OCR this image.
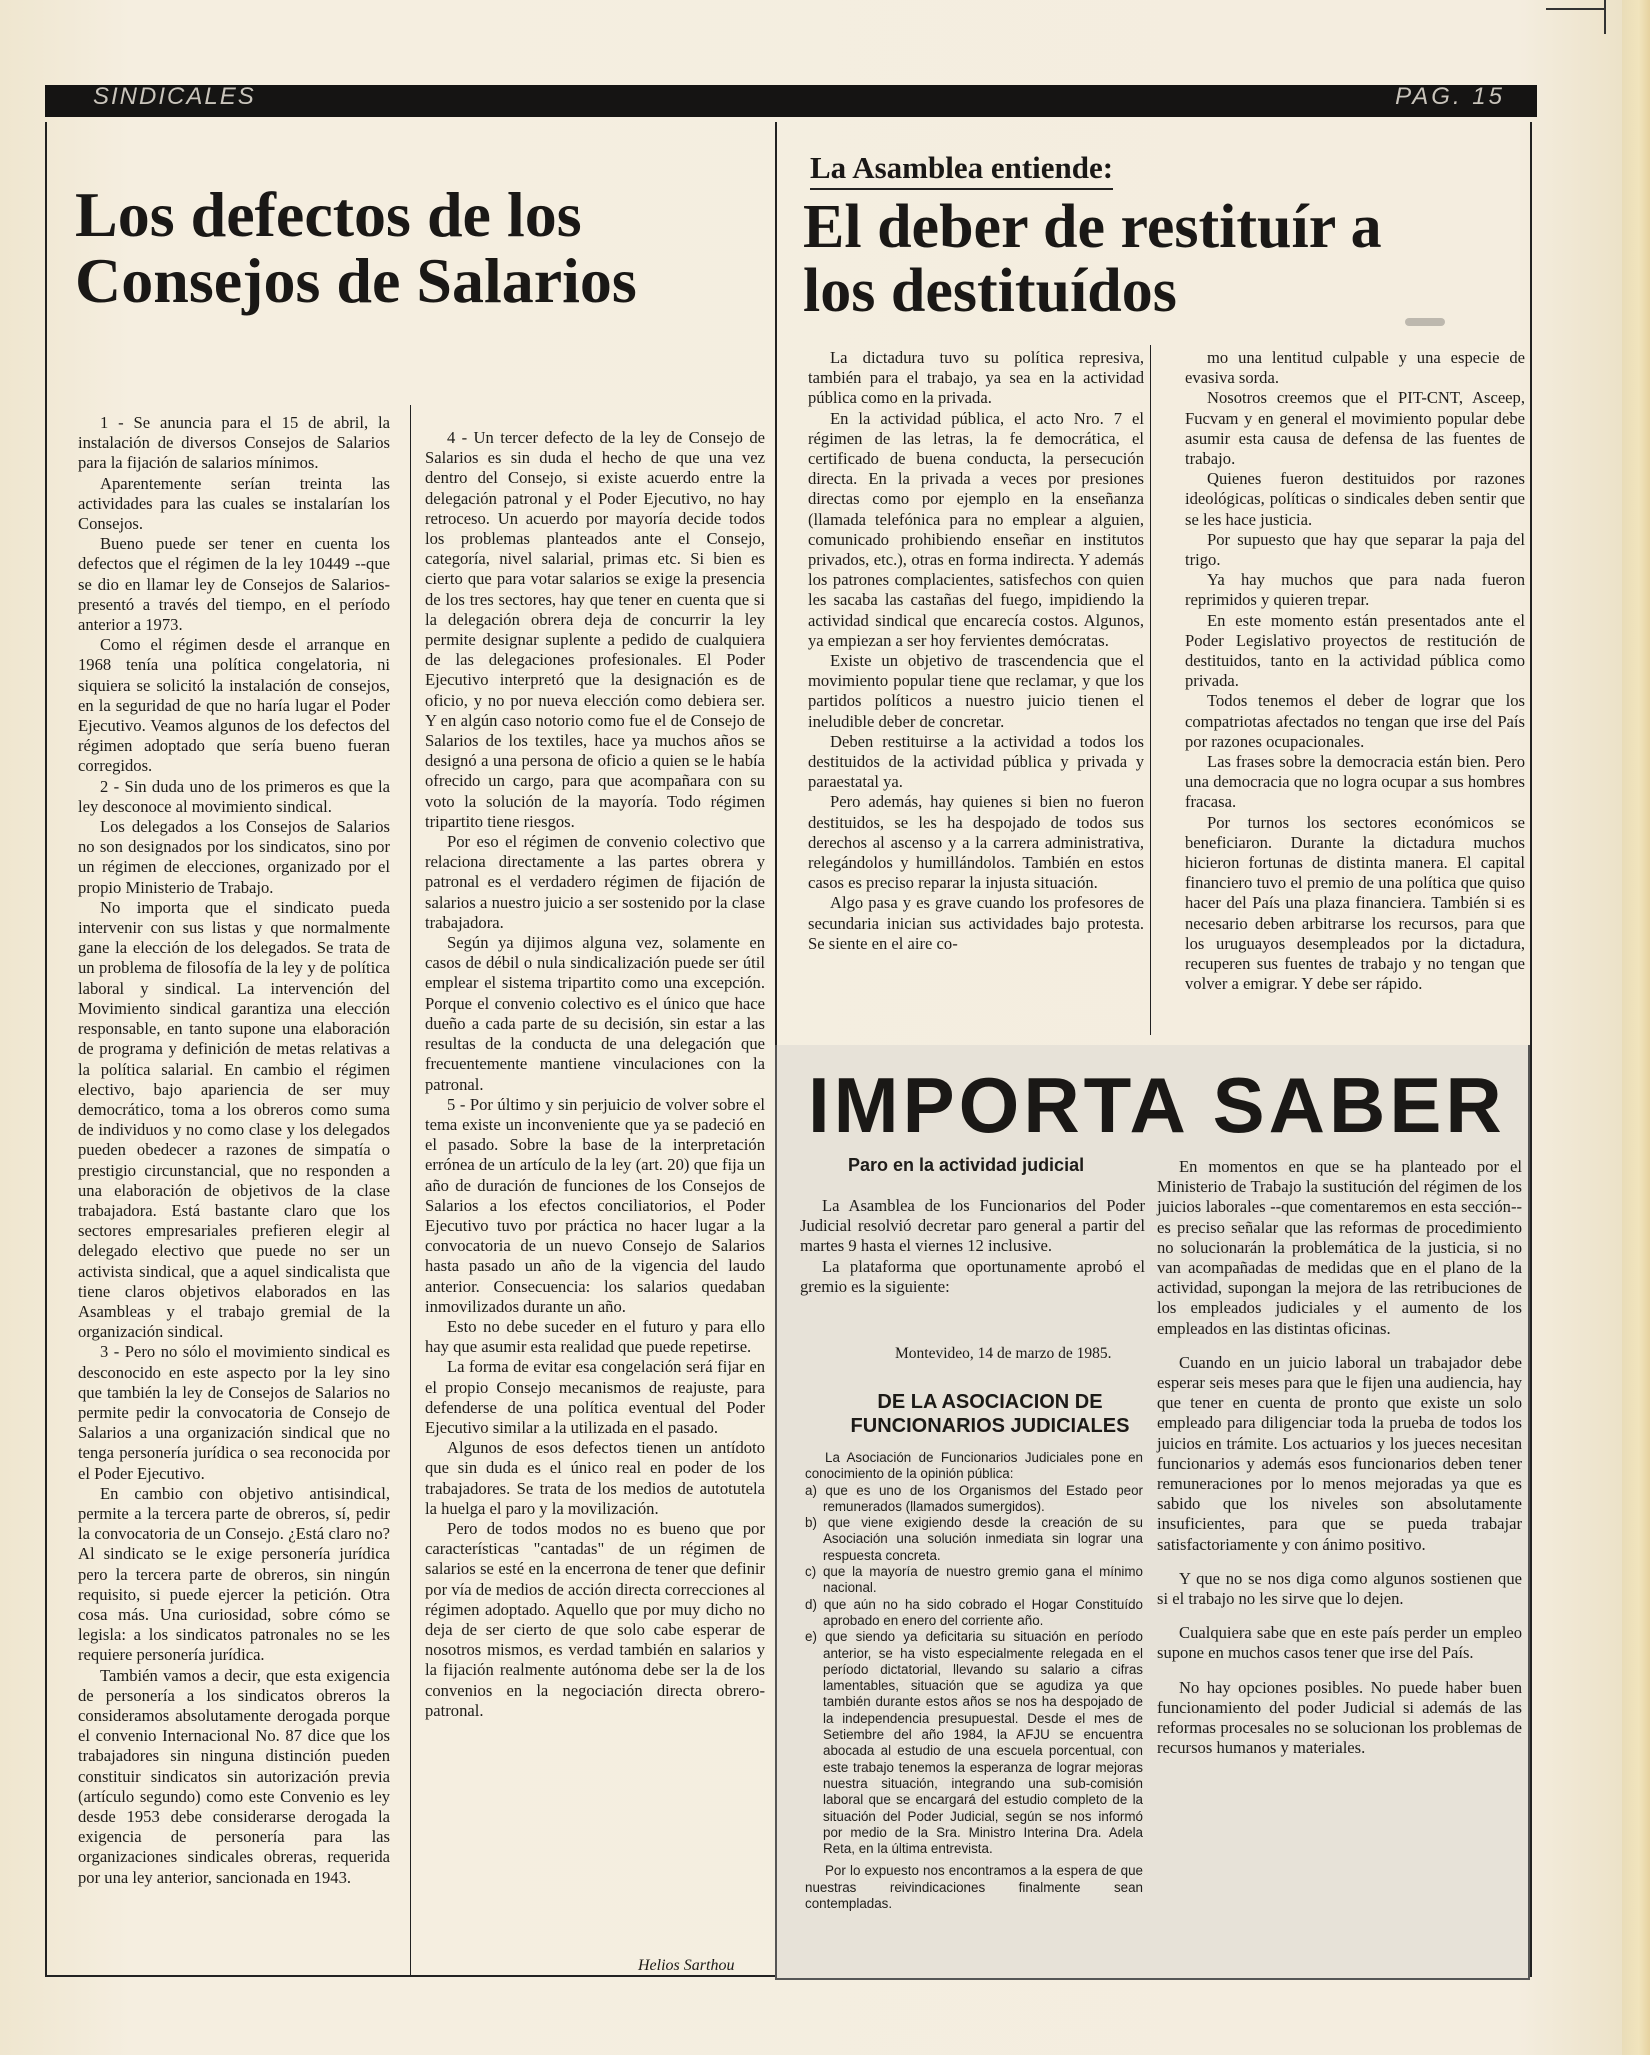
SINDICALES	PAG. 15
Los defectos de los
Consejos de Salarios

1 - Se anuncia para el 15 de abril, la instalación de diversos Consejos de Salarios para la fijación de salarios mínimos.

Aparentemente serían treinta las actividades para las cuales se instalarían los Consejos.

Bueno puede ser tener en cuenta los defectos que el régimen de la ley 10449 --que se dio en llamar ley de Consejos de Salarios- presentó a través del tiempo, en el período anterior a 1973.

Como el régimen desde el arranque en 1968 tenía una política congelatoria, ni siquiera se solicitó la instalación de consejos, en la seguridad de que no haría lugar el Poder Ejecutivo. Veamos algunos de los defectos del régimen adoptado que sería bueno fueran corregidos.

2 - Sin duda uno de los primeros es que la ley desconoce al movimiento sindical.

Los delegados a los Consejos de Salarios no son designados por los sindicatos, sino por un régimen de elecciones, organizado por el propio Ministerio de Trabajo.

No importa que el sindicato pueda intervenir con sus listas y que normalmente gane la elección de los delegados. Se trata de un problema de filosofía de la ley y de política laboral y sindical. La intervención del Movimiento sindical garantiza una elección responsable, en tanto supone una elaboración de programa y definición de metas relativas a la política salarial. En cambio el régimen electivo, bajo apariencia de ser muy democrático, toma a los obreros como suma de individuos y no como clase y los delegados pueden obedecer a razones de simpatía o prestigio circunstancial, que no responden a una elaboración de objetivos de la clase trabajadora. Está bastante claro que los sectores empresariales prefieren elegir al delegado electivo que puede no ser un activista sindical, que a aquel sindicalista que tiene claros objetivos elaborados en las Asambleas y el trabajo gremial de la organización sindical.

3 - Pero no sólo el movimiento sindical es desconocido en este aspecto por la ley sino que también la ley de Consejos de Salarios no permite pedir la convocatoria de Consejo de Salarios a una organización sindical que no tenga personería jurídica o sea reconocida por el Poder Ejecutivo.

En cambio con objetivo antisindical, permite a la tercera parte de obreros, sí, pedir la convocatoria de un Consejo. ¿Está claro no? Al sindicato se le exige personería jurídica pero la tercera parte de obreros, sin ningún requisito, si puede ejercer la petición. Otra cosa más. Una curiosidad, sobre cómo se legisla: a los sindicatos patronales no se les requiere personería jurídica.

También vamos a decir, que esta exigencia de personería a los sindicatos obreros la consideramos absolutamente derogada porque el convenio Internacional No. 87 dice que los trabajadores sin ninguna distinción pueden constituir sindicatos sin autorización previa (artículo segundo) como este Convenio es ley desde 1953 debe considerarse derogada la exigencia de personería para las organizaciones sindicales obreras, requerida por una ley anterior, sancionada en 1943.

4 - Un tercer defecto de la ley de Consejo de Salarios es sin duda el hecho de que una vez dentro del Consejo, si existe acuerdo entre la delegación patronal y el Poder Ejecutivo, no hay retroceso. Un acuerdo por mayoría decide todos los problemas planteados ante el Consejo, categoría, nivel salarial, primas etc. Si bien es cierto que para votar salarios se exige la presencia de los tres sectores, hay que tener en cuenta que si la delegación obrera deja de concurrir la ley permite designar suplente a pedido de cualquiera de las delegaciones profesionales. El Poder Ejecutivo interpretó que la designación es de oficio, y no por nueva elección como debiera ser. Y en algún caso notorio como fue el de Consejo de Salarios de los textiles, hace ya muchos años se designó a una persona de oficio a quien se le había ofrecido un cargo, para que acompañara con su voto la solución de la mayoría. Todo régimen tripartito tiene riesgos.

Por eso el régimen de convenio colectivo que relaciona directamente a las partes obrera y patronal es el verdadero régimen de fijación de salarios a nuestro juicio a ser sostenido por la clase trabajadora.

Según ya dijimos alguna vez, solamente en casos de débil o nula sindicalización puede ser útil emplear el sistema tripartito como una excepción. Porque el convenio colectivo es el único que hace dueño a cada parte de su decisión, sin estar a las resultas de la conducta de una delegación que frecuentemente mantiene vinculaciones con la patronal.

5 - Por último y sin perjuicio de volver sobre el tema existe un inconveniente que ya se padeció en el pasado. Sobre la base de la interpretación errónea de un artículo de la ley (art. 20) que fija un año de duración de funciones de los Consejos de Salarios a los efectos conciliatorios, el Poder Ejecutivo tuvo por práctica no hacer lugar a la convocatoria de un nuevo Consejo de Salarios hasta pasado un año de la vigencia del laudo anterior. Consecuencia: los salarios quedaban inmovilizados durante un año.

Esto no debe suceder en el futuro y para ello hay que asumir esta realidad que puede repetirse.

La forma de evitar esa congelación será fijar en el propio Consejo mecanismos de reajuste, para defenderse de una política eventual del Poder Ejecutivo similar a la utilizada en el pasado.

Algunos de esos defectos tienen un antídoto que sin duda es el único real en poder de los trabajadores. Se trata de los medios de autotutela la huelga el paro y la movilización.

Pero de todos modos no es bueno que por características "cantadas" de un régimen de salarios se esté en la encerrona de tener que definir por vía de medios de acción directa correcciones al régimen adoptado. Aquello que por muy dicho no deja de ser cierto de que solo cabe esperar de nosotros mismos, es verdad también en salarios y la fijación realmente autónoma debe ser la de los convenios en la negociación directa obrero-patronal.

Helios Sarthou
La Asamblea entiende:
El deber de restituír a
los destituídos

La dictadura tuvo su política represiva, también para el trabajo, ya sea en la actividad pública como en la privada.

En la actividad pública, el acto Nro. 7 el régimen de las letras, la fe democrática, el certificado de buena conducta, la persecución directa. En la privada a veces por presiones directas como por ejemplo en la enseñanza (llamada telefónica para no emplear a alguien, comunicado prohibiendo enseñar en institutos privados, etc.), otras en forma indirecta. Y además los patrones complacientes, satisfechos con quien les sacaba las castañas del fuego, impidiendo la actividad sindical que encarecía costos. Algunos, ya empiezan a ser hoy fervientes demócratas.

Existe un objetivo de trascendencia que el movimiento popular tiene que reclamar, y que los partidos políticos a nuestro juicio tienen el ineludible deber de concretar.

Deben restituirse a la actividad a todos los destituidos de la actividad pública y privada y paraestatal ya.

Pero además, hay quienes si bien no fueron destituidos, se les ha despojado de todos sus derechos al ascenso y a la carrera administrativa, relegándolos y humillándolos. También en estos casos es preciso reparar la injusta situación.

Algo pasa y es grave cuando los profesores de secundaria inician sus actividades bajo protesta. Se siente en el aire co-

mo una lentitud culpable y una especie de evasiva sorda.

Nosotros creemos que el PIT-CNT, Asceep, Fucvam y en general el movimiento popular debe asumir esta causa de defensa de las fuentes de trabajo.

Quienes fueron destituidos por razones ideológicas, políticas o sindicales deben sentir que se les hace justicia.

Por supuesto que hay que separar la paja del trigo.

Ya hay muchos que para nada fueron reprimidos y quieren trepar.

En este momento están presentados ante el Poder Legislativo proyectos de restitución de destituidos, tanto en la actividad pública como privada.

Todos tenemos el deber de lograr que los compatriotas afectados no tengan que irse del País por razones ocupacionales.

Las frases sobre la democracia están bien. Pero una democracia que no logra ocupar a sus hombres fracasa.

Por turnos los sectores económicos se beneficiaron. Durante la dictadura muchos hicieron fortunas de distinta manera. El capital financiero tuvo el premio de una política que quiso hacer del País una plaza financiera. También si es necesario deben arbitrarse los recursos, para que los uruguayos desempleados por la dictadura, recuperen sus fuentes de trabajo y no tengan que volver a emigrar. Y debe ser rápido.

IMPORTA SABER
Paro en la actividad judicial

La Asamblea de los Funcionarios del Poder Judicial resolvió decretar paro general a partir del martes 9 hasta el viernes 12 inclusive.

La plataforma que oportunamente aprobó el gremio es la siguiente:

Montevideo, 14 de marzo de 1985.
DE LA ASOCIACION DE
FUNCIONARIOS JUDICIALES

La Asociación de Funcionarios Judiciales pone en conocimiento de la opinión pública:

a) que es uno de los Organismos del Estado peor remunerados (llamados sumergidos).

b) que viene exigiendo desde la creación de su Asociación una solución inmediata sin lograr una respuesta concreta.

c) que la mayoría de nuestro gremio gana el mínimo nacional.

d) que aún no ha sido cobrado el Hogar Constituído aprobado en enero del corriente año.

e) que siendo ya deficitaria su situación en período anterior, se ha visto especialmente relegada en el período dictatorial, llevando su salario a cifras lamentables, situación que se agudiza ya que también durante estos años se nos ha despojado de la independencia presupuestal. Desde el mes de Setiembre del año 1984, la AFJU se encuentra abocada al estudio de una escuela porcentual, con este trabajo tenemos la esperanza de lograr mejoras nuestra situación, integrando una sub-comisión laboral que se encargará del estudio completo de la situación del Poder Judicial, según se nos informó por medio de la Sra. Ministro Interina Dra. Adela Reta, en la última entrevista.

Por lo expuesto nos encontramos a la espera de que nuestras reivindicaciones finalmente sean contempladas.

En momentos en que se ha planteado por el Ministerio de Trabajo la sustitución del régimen de los juicios laborales --que comentaremos en esta sección-- es preciso señalar que las reformas de procedimiento no solucionarán la problemática de la justicia, si no van acompañadas de medidas que en el plano de la actividad, supongan la mejora de las retribuciones de los empleados judiciales y el aumento de los empleados en las distintas oficinas.

Cuando en un juicio laboral un trabajador debe esperar seis meses para que le fijen una audiencia, hay que tener en cuenta de pronto que existe un solo empleado para diligenciar toda la prueba de todos los juicios en trámite. Los actuarios y los jueces necesitan funcionarios y además esos funcionarios deben tener remuneraciones por lo menos mejoradas ya que es sabido que los niveles son absolutamente insuficientes, para que se pueda trabajar satisfactoriamente y con ánimo positivo.

Y que no se nos diga como algunos sostienen que si el trabajo no les sirve que lo dejen.

Cualquiera sabe que en este país perder un empleo supone en muchos casos tener que irse del País.

No hay opciones posibles. No puede haber buen funcionamiento del poder Judicial si además de las reformas procesales no se solucionan los problemas de recursos humanos y materiales.
